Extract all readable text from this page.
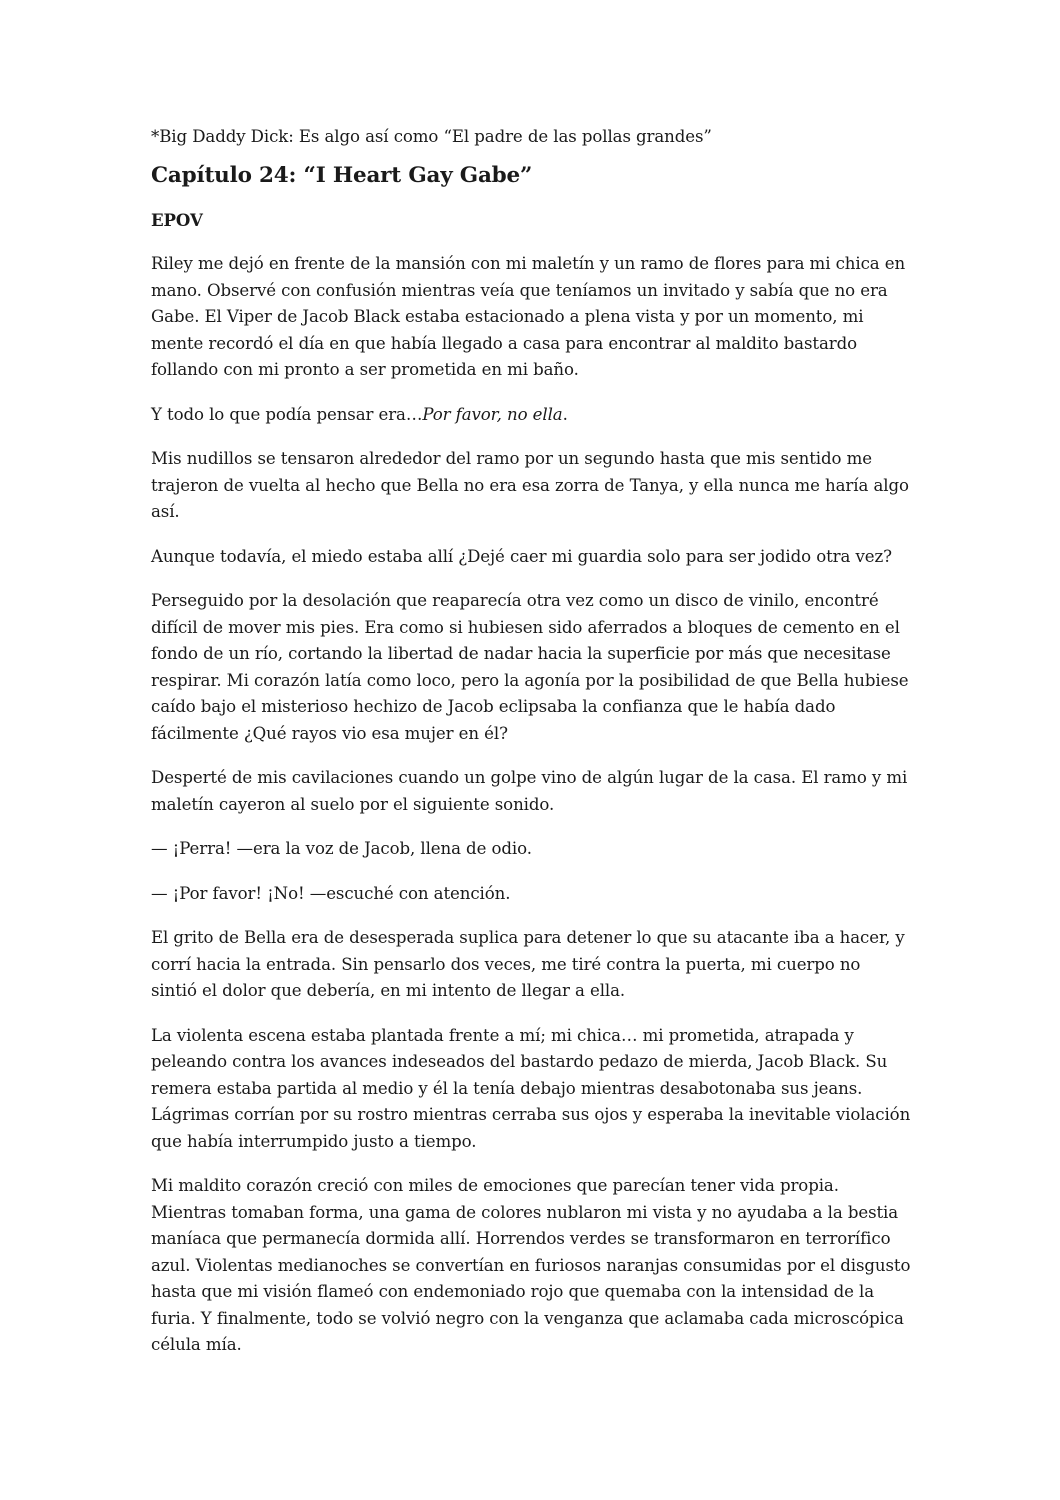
*Big Daddy Dick: Es algo así como “El padre de las pollas grandes”

Capítulo 24: “I Heart Gay Gabe”

EPOV

Riley me dejó en frente de la mansión con mi maletín y un ramo de flores para mi chica en mano. Observé con confusión mientras veía que teníamos un invitado y sabía que no era Gabe. El Viper de Jacob Black estaba estacionado a plena vista y por un momento, mi mente recordó el día en que había llegado a casa para encontrar al maldito bastardo follando con mi pronto a ser prometida en mi baño.

Y todo lo que podía pensar era…Por favor, no ella.

Mis nudillos se tensaron alrededor del ramo por un segundo hasta que mis sentido me trajeron de vuelta al hecho que Bella no era esa zorra de Tanya, y ella nunca me haría algo así.

Aunque todavía, el miedo estaba allí ¿Dejé caer mi guardia solo para ser jodido otra vez?

Perseguido por la desolación que reaparecía otra vez como un disco de vinilo, encontré difícil de mover mis pies. Era como si hubiesen sido aferrados a bloques de cemento en el fondo de un río, cortando la libertad de nadar hacia la superficie por más que necesitase respirar. Mi corazón latía como loco, pero la agonía por la posibilidad de que Bella hubiese caído bajo el misterioso hechizo de Jacob eclipsaba la confianza que le había dado fácilmente ¿Qué rayos vio esa mujer en él?

Desperté de mis cavilaciones cuando un golpe vino de algún lugar de la casa. El ramo y mi maletín cayeron al suelo por el siguiente sonido.

— ¡Perra! —era la voz de Jacob, llena de odio.

— ¡Por favor! ¡No! —escuché con atención.

El grito de Bella era de desesperada suplica para detener lo que su atacante iba a hacer, y corrí hacia la entrada. Sin pensarlo dos veces, me tiré contra la puerta, mi cuerpo no sintió el dolor que debería, en mi intento de llegar a ella.

La violenta escena estaba plantada frente a mí; mi chica… mi prometida, atrapada y peleando contra los avances indeseados del bastardo pedazo de mierda, Jacob Black. Su remera estaba partida al medio y él la tenía debajo mientras desabotonaba sus jeans. Lágrimas corrían por su rostro mientras cerraba sus ojos y esperaba la inevitable violación que había interrumpido justo a tiempo.

Mi maldito corazón creció con miles de emociones que parecían tener vida propia. Mientras tomaban forma, una gama de colores nublaron mi vista y no ayudaba a la bestia maníaca que permanecía dormida allí. Horrendos verdes se transformaron en terrorífico azul. Violentas medianoches se convertían en furiosos naranjas consumidas por el disgusto hasta que mi visión flameó con endemoniado rojo que quemaba con la intensidad de la furia. Y finalmente, todo se volvió negro con la venganza que aclamaba cada microscópica célula mía.
